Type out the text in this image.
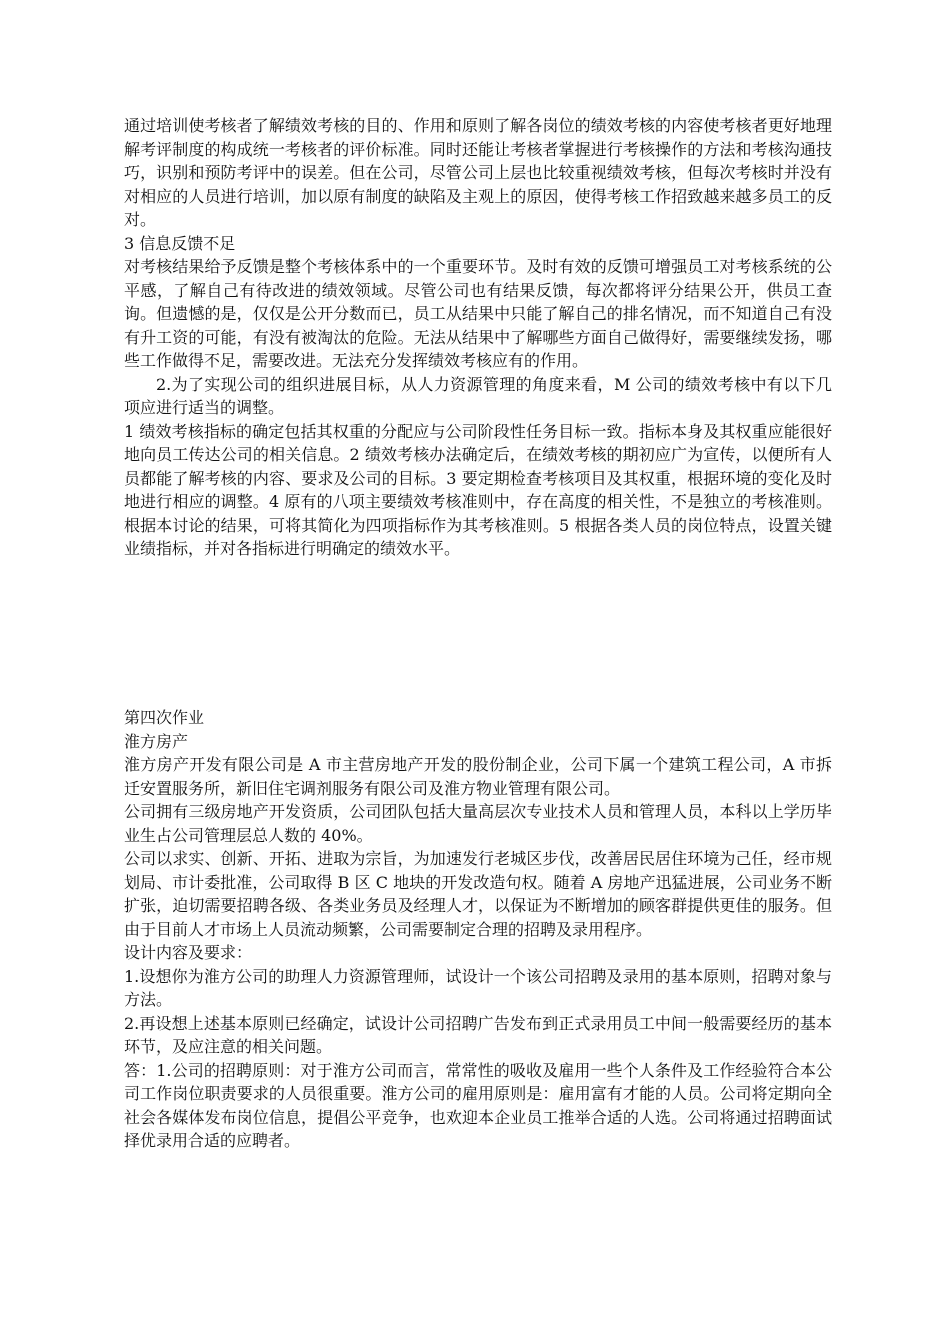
通过培训使考核者了解绩效考核的目的、作用和原则了解各岗位的绩效考核的内容使考核者更好地理解考评制度的构成统一考核者的评价标准。同时还能让考核者掌握进行考核操作的方法和考核沟通技巧，识别和预防考评中的误差。但在公司，尽管公司上层也比较重视绩效考核，但每次考核时并没有对相应的人员进行培训，加以原有制度的缺陷及主观上的原因，使得考核工作招致越来越多员工的反对。

3 信息反馈不足

对考核结果给予反馈是整个考核体系中的一个重要环节。及时有效的反馈可增强员工对考核系统的公平感，了解自己有待改进的绩效领域。尽管公司也有结果反馈，每次都将评分结果公开，供员工查询。但遗憾的是，仅仅是公开分数而已，员工从结果中只能了解自己的排名情况，而不知道自己有没有升工资的可能，有没有被淘汰的危险。无法从结果中了解哪些方面自己做得好，需要继续发扬，哪些工作做得不足，需要改进。无法充分发挥绩效考核应有的作用。

2.为了实现公司的组织进展目标，从人力资源管理的角度来看，M 公司的绩效考核中有以下几项应进行适当的调整。

1 绩效考核指标的确定包括其权重的分配应与公司阶段性任务目标一致。指标本身及其权重应能很好地向员工传达公司的相关信息。2 绩效考核办法确定后，在绩效考核的期初应广为宣传，以便所有人员都能了解考核的内容、要求及公司的目标。3 要定期检查考核项目及其权重，根据环境的变化及时地进行相应的调整。4 原有的八项主要绩效考核准则中，存在高度的相关性，不是独立的考核准则。根据本讨论的结果，可将其简化为四项指标作为其考核准则。5 根据各类人员的岗位特点，设置关键业绩指标，并对各指标进行明确定的绩效水平。

第四次作业

淮方房产

淮方房产开发有限公司是 A 市主营房地产开发的股份制企业，公司下属一个建筑工程公司，A 市拆迁安置服务所，新旧住宅调剂服务有限公司及淮方物业管理有限公司。

公司拥有三级房地产开发资质，公司团队包括大量高层次专业技术人员和管理人员，本科以上学历毕业生占公司管理层总人数的 40%。

公司以求实、创新、开拓、进取为宗旨，为加速发行老城区步伐，改善居民居住环境为己任，经市规划局、市计委批准，公司取得 B 区 C 地块的开发改造句权。随着 A 房地产迅猛进展，公司业务不断扩张，迫切需要招聘各级、各类业务员及经理人才，以保证为不断增加的顾客群提供更佳的服务。但由于目前人才市场上人员流动频繁，公司需要制定合理的招聘及录用程序。

设计内容及要求：

1.设想你为淮方公司的助理人力资源管理师，试设计一个该公司招聘及录用的基本原则，招聘对象与方法。

2.再设想上述基本原则已经确定，试设计公司招聘广告发布到正式录用员工中间一般需要经历的基本环节，及应注意的相关问题。

答：1.公司的招聘原则：对于淮方公司而言，常常性的吸收及雇用一些个人条件及工作经验符合本公司工作岗位职责要求的人员很重要。淮方公司的雇用原则是：雇用富有才能的人员。公司将定期向全社会各媒体发布岗位信息，提倡公平竞争，也欢迎本企业员工推举合适的人选。公司将通过招聘面试择优录用合适的应聘者。
